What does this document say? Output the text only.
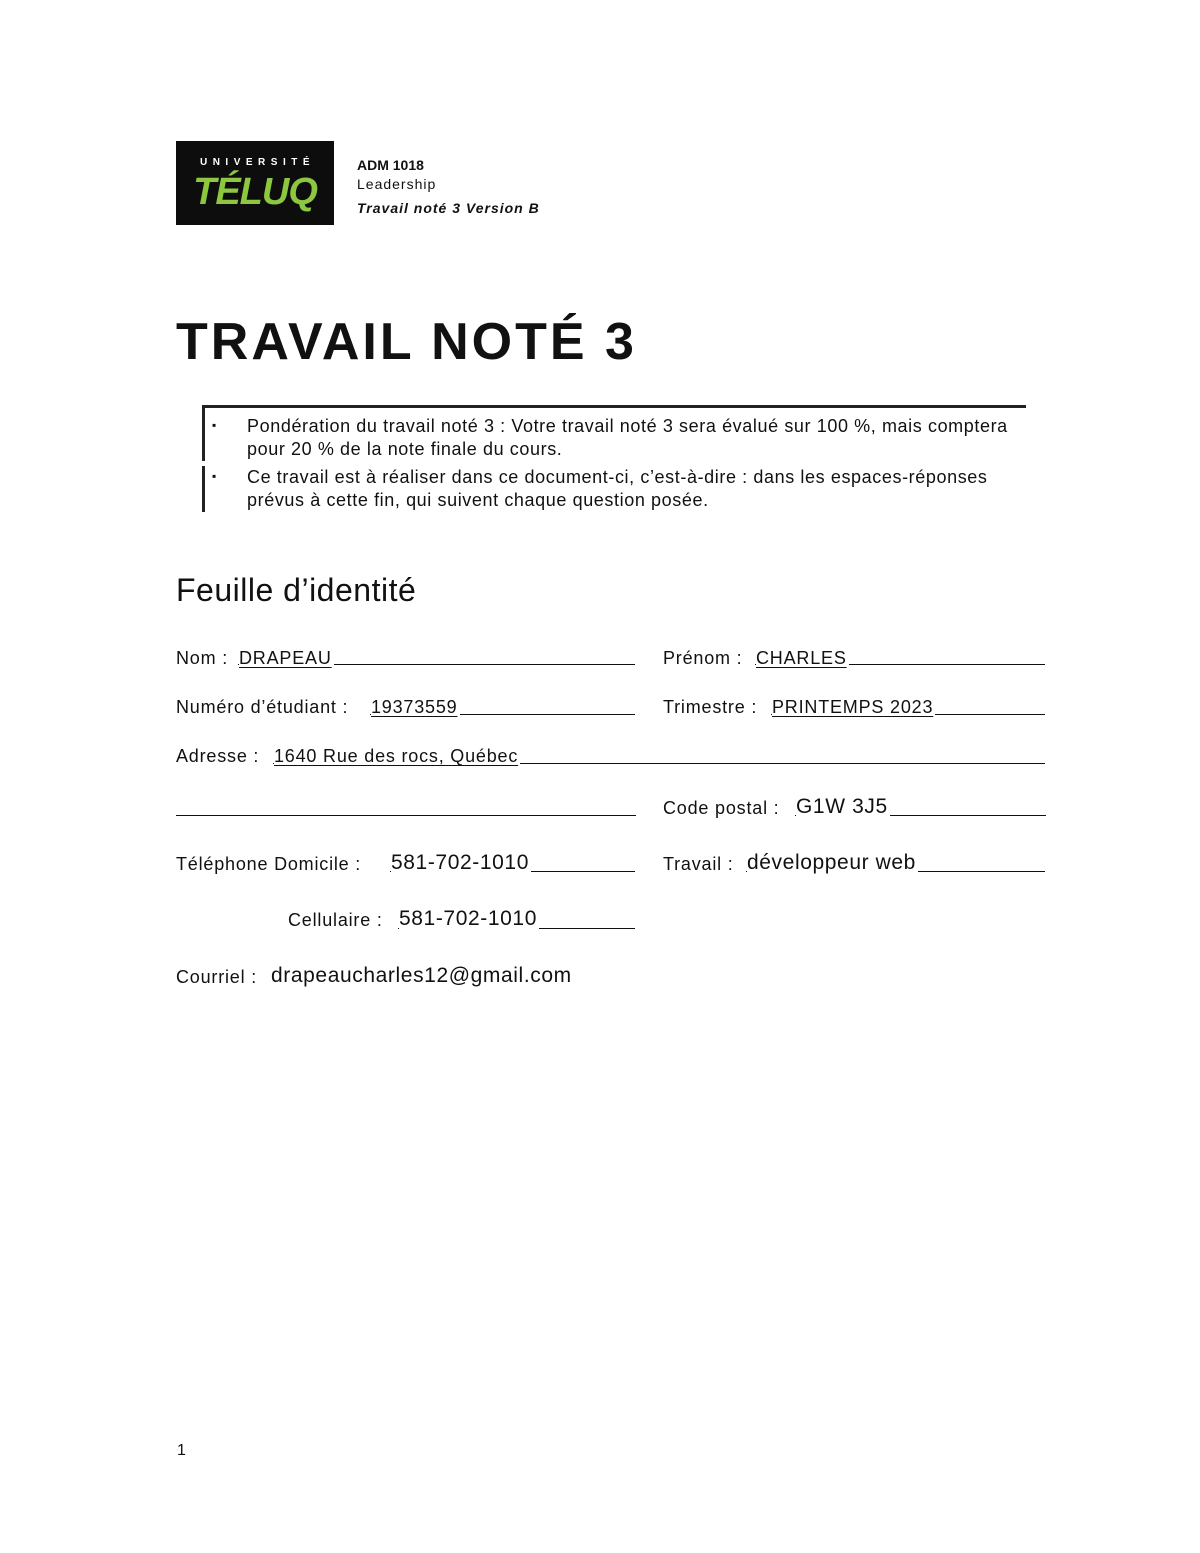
UNIVERSITÉ
TÉLUQ
ADM 1018
Leadership
Travail noté 3 Version B
TRAVAIL NOTÉ 3
▪ Pondération du travail noté 3 : Votre travail noté 3 sera évalué sur 100 %, mais comptera pour 20 % de la note finale du cours.
▪ Ce travail est à réaliser dans ce document-ci, c’est-à-dire : dans les espaces-réponses prévus à cette fin, qui suivent chaque question posée.
Feuille d’identité
Nom : DRAPEAU	Prénom : CHARLES
Numéro d’étudiant : 19373559	Trimestre : PRINTEMPS 2023
Adresse : 1640 Rue des rocs, Québec
Code postal : G1W 3J5
Téléphone Domicile : 581-702-1010	Travail : développeur web
Cellulaire : 581-702-1010
Courriel : drapeaucharles12@gmail.com
1
